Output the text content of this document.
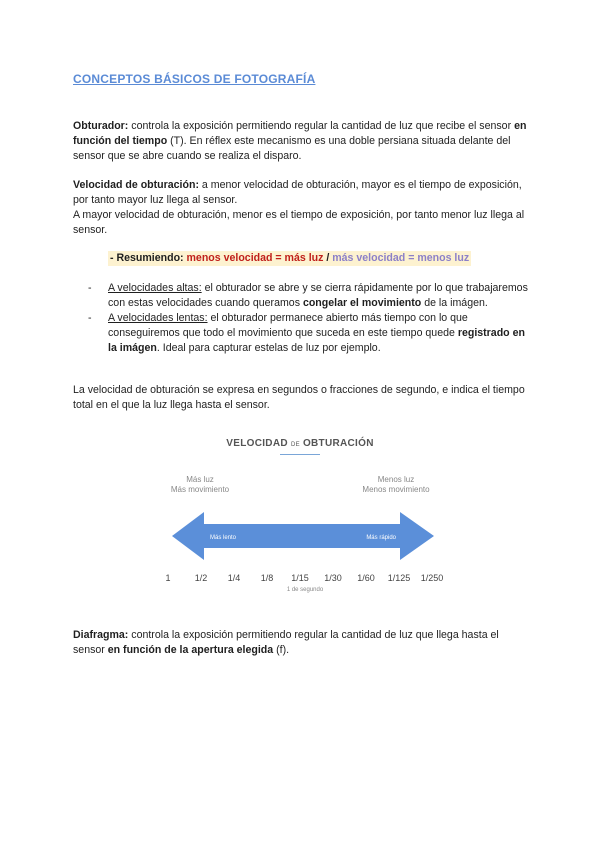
CONCEPTOS BÁSICOS DE FOTOGRAFÍA
Obturador: controla la exposición permitiendo regular la cantidad de luz que recibe el sensor en función del tiempo (T). En réflex este mecanismo es una doble persiana situada delante del sensor que se abre cuando se realiza el disparo.
Velocidad de obturación: a menor velocidad de obturación, mayor es el tiempo de exposición, por tanto mayor luz llega al sensor.
A mayor velocidad de obturación, menor es el tiempo de exposición, por tanto menor luz llega al sensor.
- Resumiendo: menos velocidad = más luz / más velocidad = menos luz
- A velocidades altas: el obturador se abre y se cierra rápidamente por lo que trabajaremos con estas velocidades cuando queramos congelar el movimiento de la imágen.
- A velocidades lentas: el obturador permanece abierto más tiempo con lo que conseguiremos que todo el movimiento que suceda en este tiempo quede registrado en la imágen. Ideal para capturar estelas de luz por ejemplo.
La velocidad de obturación se expresa en segundos o fracciones de segundo, e indica el tiempo total en el que la luz llega hasta el sensor.
VELOCIDAD DE OBTURACIÓN
Más luz
Más movimiento
Menos luz
Menos movimiento
Más lento	Más rápido
1	1/2 1/4 1/8 1/15 1/30 1/60 1/125 1/250
1 de segundo
Diafragma: controla la exposición permitiendo regular la cantidad de luz que llega hasta el sensor en función de la apertura elegida (f).
